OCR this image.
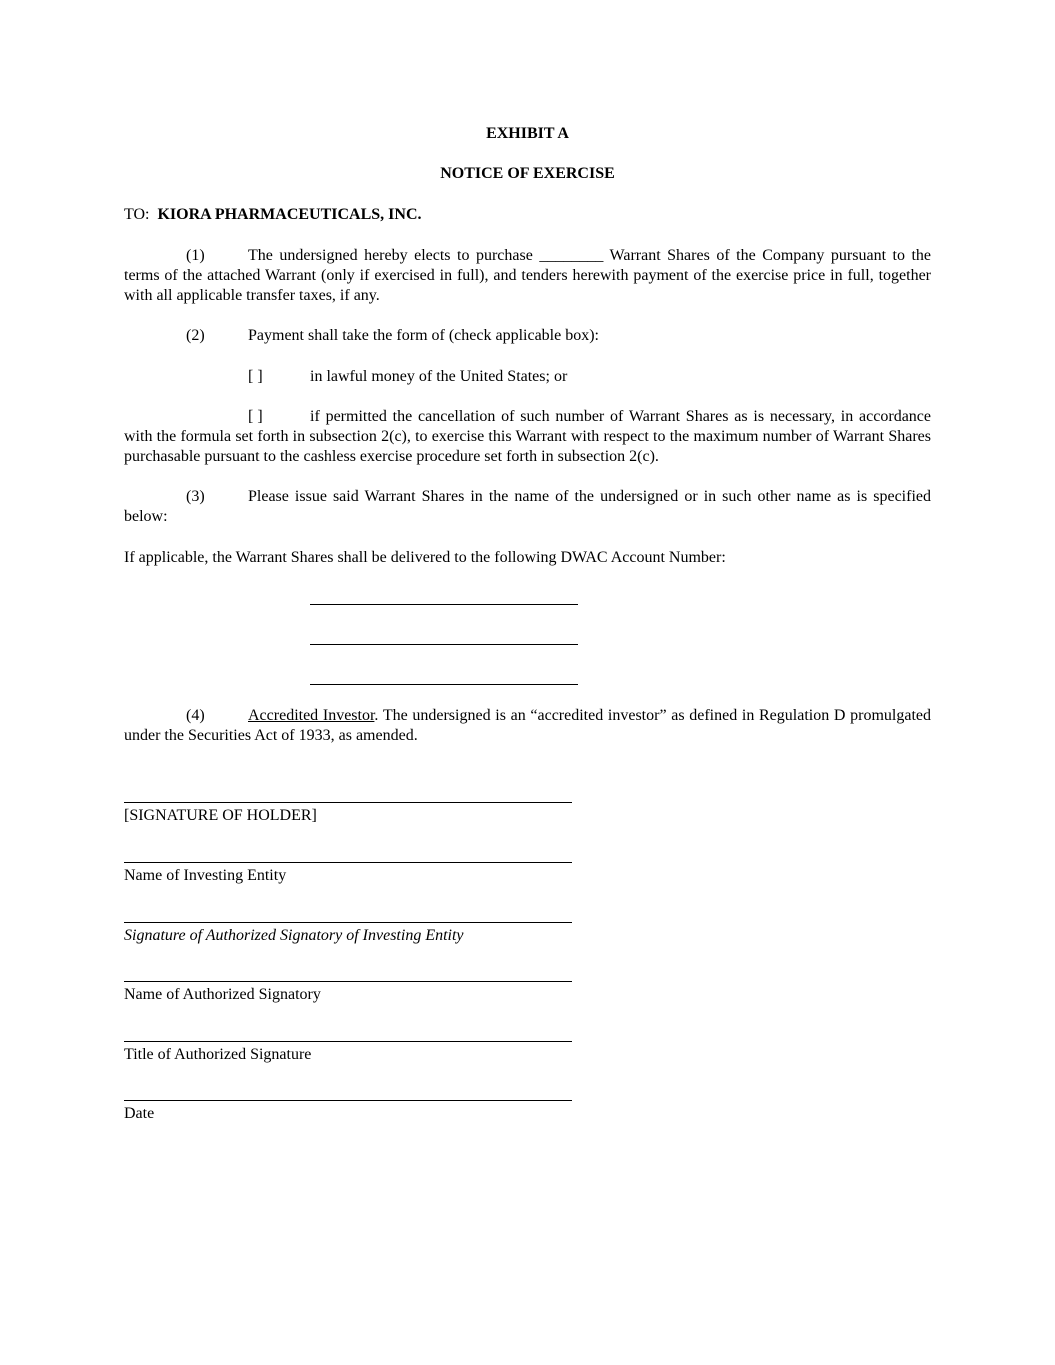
EXHIBIT A
NOTICE OF EXERCISE
TO: KIORA PHARMACEUTICALS, INC.
(1)	The undersigned hereby elects to purchase ________ Warrant Shares of the Company pursuant to the terms of the attached Warrant (only if exercised in full), and tenders herewith payment of the exercise price in full, together with all applicable transfer taxes, if any.
(2)	Payment shall take the form of (check applicable box):
[ ]	in lawful money of the United States; or
[ ]	if permitted the cancellation of such number of Warrant Shares as is necessary, in accordance with the formula set forth in subsection 2(c), to exercise this Warrant with respect to the maximum number of Warrant Shares purchasable pursuant to the cashless exercise procedure set forth in subsection 2(c).
(3)	Please issue said Warrant Shares in the name of the undersigned or in such other name as is specified below:
If applicable, the Warrant Shares shall be delivered to the following DWAC Account Number:
(4)	Accredited Investor. The undersigned is an “accredited investor” as defined in Regulation D promulgated under the Securities Act of 1933, as amended.
[SIGNATURE OF HOLDER]
Name of Investing Entity
Signature of Authorized Signatory of Investing Entity
Name of Authorized Signatory
Title of Authorized Signature
Date
